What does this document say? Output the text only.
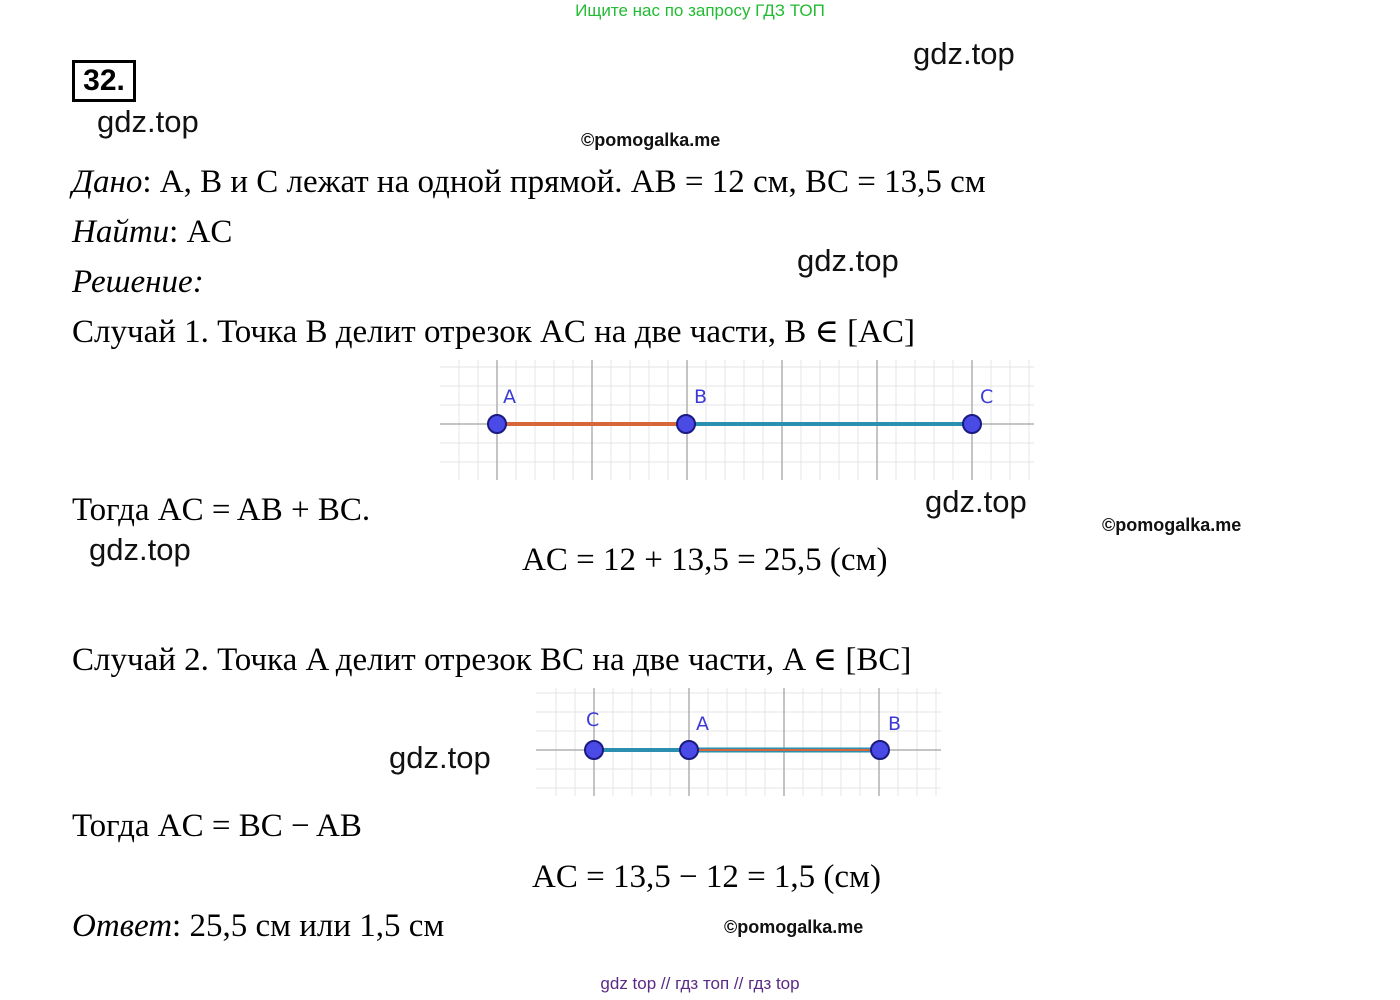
Ищите нас по запросу ГДЗ ТОП
gdz.top
32.
gdz.top
©pomogalka.me
Дано: A, B и C лежат на одной прямой. AB = 12 см, BC = 13,5 см
Найти: AC
Решение:
gdz.top
Случай 1. Точка B делит отрезок AC на две части, B ∈ [AC]
A	B	C
Тогда AC = AB + BC.	gdz.top
©pomogalka.me
gdz.top	AC = 12 + 13,5 = 25,5 (см)
Случай 2. Точка A делит отрезок BC на две части, A ∈ [BC]
C	A	B
gdz.top
Тогда AC = BC − AB
AC = 13,5 − 12 = 1,5 (см)
Ответ: 25,5 см или 1,5 см	©pomogalka.me
gdz top // гдз топ // гдз top
